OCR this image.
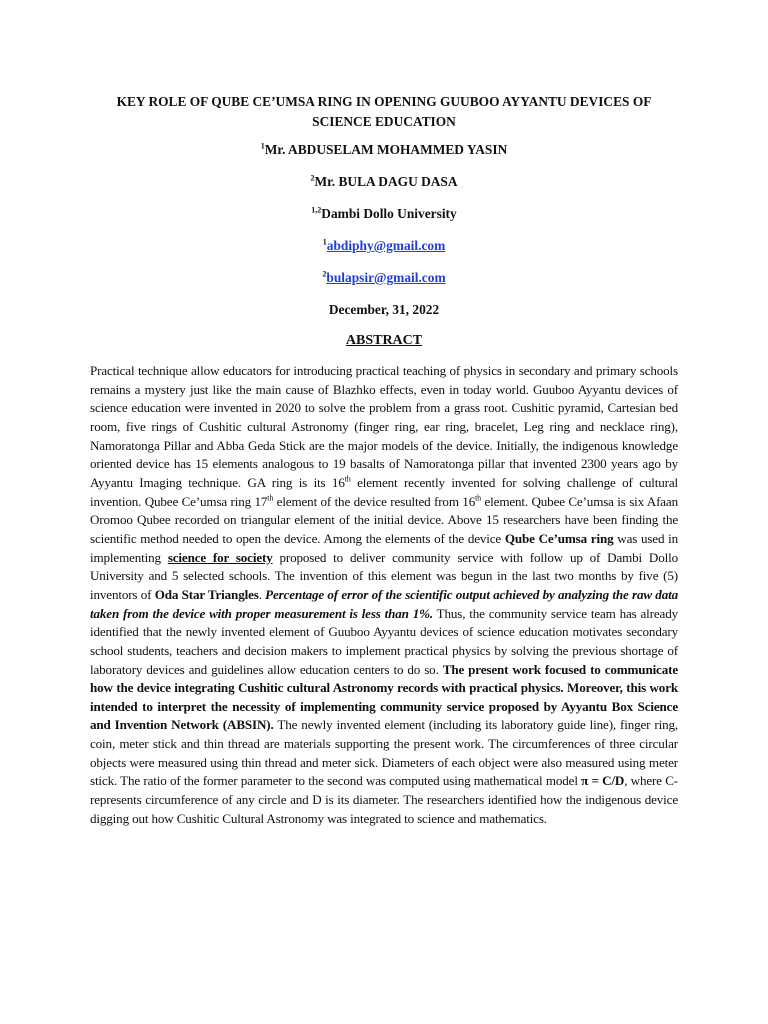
KEY ROLE OF QUBE CE’UMSA RING IN OPENING GUUBOO AYYANTU DEVICES OF
SCIENCE EDUCATION
$^1$Mr. ABDUSELAM MOHAMMED YASIN
$^2$Mr. BULA DAGU DASA
$^{1,2}$Dambi Dollo University
$^1$abdiphy@gmail.com
$^2$bulapsir@gmail.com
December, 31, 2022
ABSTRACT

Practical technique allow educators for introducing practical teaching of physics in secondary and primary schools remains a mystery just like the main cause of Blazhko effects, even in today world. Guuboo Ayyantu devices of science education were invented in 2020 to solve the problem from a grass root. Cushitic pyramid, Cartesian bed room, five rings of Cushitic cultural Astronomy (finger ring, ear ring, bracelet, Leg ring and necklace ring), Namoratonga Pillar and Abba Geda Stick are the major models of the device. Initially, the indigenous knowledge oriented device has 15 elements analogous to 19 basalts of Namoratonga pillar that invented 2300 years ago by Ayyantu Imaging technique. GA ring is its 16th element recently invented for solving challenge of cultural invention. Qubee Ce’umsa ring 17th element of the device resulted from 16th element. Qubee Ce’umsa is six Afaan Oromoo Qubee recorded on triangular element of the initial device. Above 15 researchers have been finding the scientific method needed to open the device. Among the elements of the device Qube Ce’umsa ring was used in implementing science for society proposed to deliver community service with follow up of Dambi Dollo University and 5 selected schools. The invention of this element was begun in the last two months by five (5) inventors of Oda Star Triangles. Percentage of error of the scientific output achieved by analyzing the raw data taken from the device with proper measurement is less than 1%. Thus, the community service team has already identified that the newly invented element of Guuboo Ayyantu devices of science education motivates secondary school students, teachers and decision makers to implement practical physics by solving the previous shortage of laboratory devices and guidelines allow education centers to do so. The present work focused to communicate how the device integrating Cushitic cultural Astronomy records with practical physics. Moreover, this work intended to interpret the necessity of implementing community service proposed by Ayyantu Box Science and Invention Network (ABSIN). The newly invented element (including its laboratory guide line), finger ring, coin, meter stick and thin thread are materials supporting the present work. The circumferences of three circular objects were measured using thin thread and meter sick. Diameters of each object were also measured using meter stick. The ratio of the former parameter to the second was computed using mathematical model π = C/D, where C-represents circumference of any circle and D is its diameter. The researchers identified how the indigenous device digging out how Cushitic Cultural Astronomy was integrated to science and mathematics.
